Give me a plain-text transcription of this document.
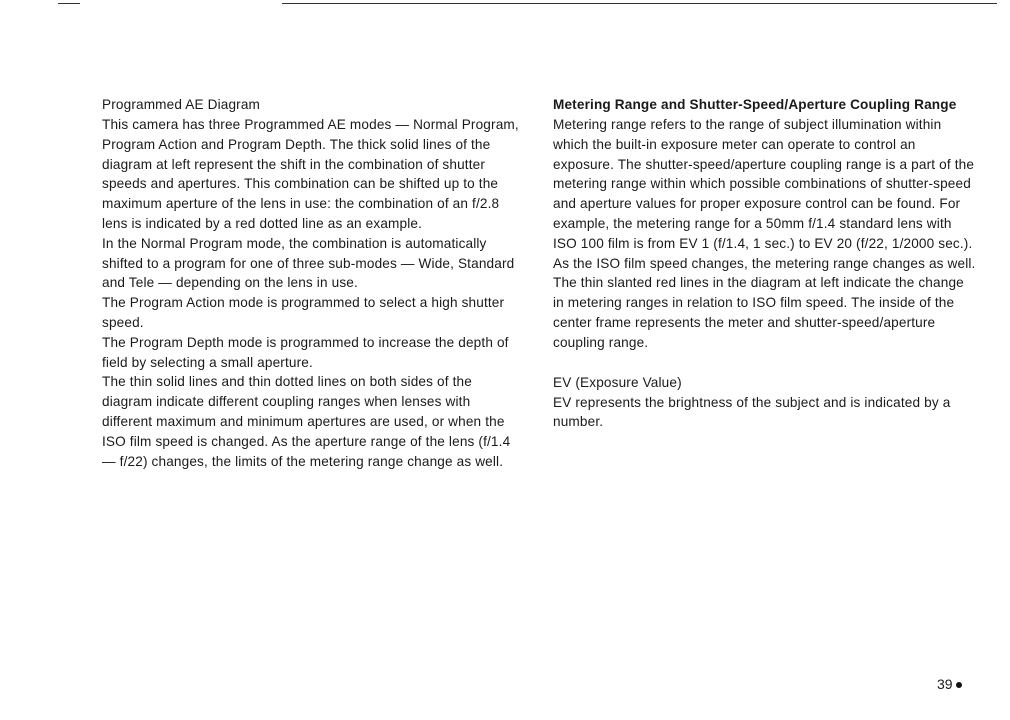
Programmed AE Diagram

This camera has three Programmed AE modes — Normal Program, Program Action and Program Depth. The thick solid lines of the diagram at left represent the shift in the combination of shutter speeds and apertures. This combination can be shifted up to the maximum aperture of the lens in use: the combination of an f/2.8 lens is indicated by a red dotted line as an example.

In the Normal Program mode, the combination is automatically shifted to a program for one of three sub-modes — Wide, Standard and Tele — depending on the lens in use.

The Program Action mode is programmed to select a high shutter speed.

The Program Depth mode is programmed to increase the depth of field by selecting a small aperture.

The thin solid lines and thin dotted lines on both sides of the diagram indicate different coupling ranges when lenses with different maximum and minimum apertures are used, or when the ISO film speed is changed. As the aperture range of the lens (f/1.4 — f/22) changes, the limits of the metering range change as well.

Metering Range and Shutter-Speed/Aperture Coupling Range

Metering range refers to the range of subject illumination within which the built-in exposure meter can operate to control an exposure. The shutter-speed/aperture coupling range is a part of the metering range within which possible combinations of shutter-speed and aperture values for proper exposure control can be found. For example, the metering range for a 50mm f/1.4 standard lens with ISO 100 film is from EV 1 (f/1.4, 1 sec.) to EV 20 (f/22, 1/2000 sec.).

As the ISO film speed changes, the metering range changes as well. The thin slanted red lines in the diagram at left indicate the change in metering ranges in relation to ISO film speed. The inside of the center frame represents the meter and shutter-speed/aperture coupling range.

EV (Exposure Value)

EV represents the brightness of the subject and is indicated by a number.

39
